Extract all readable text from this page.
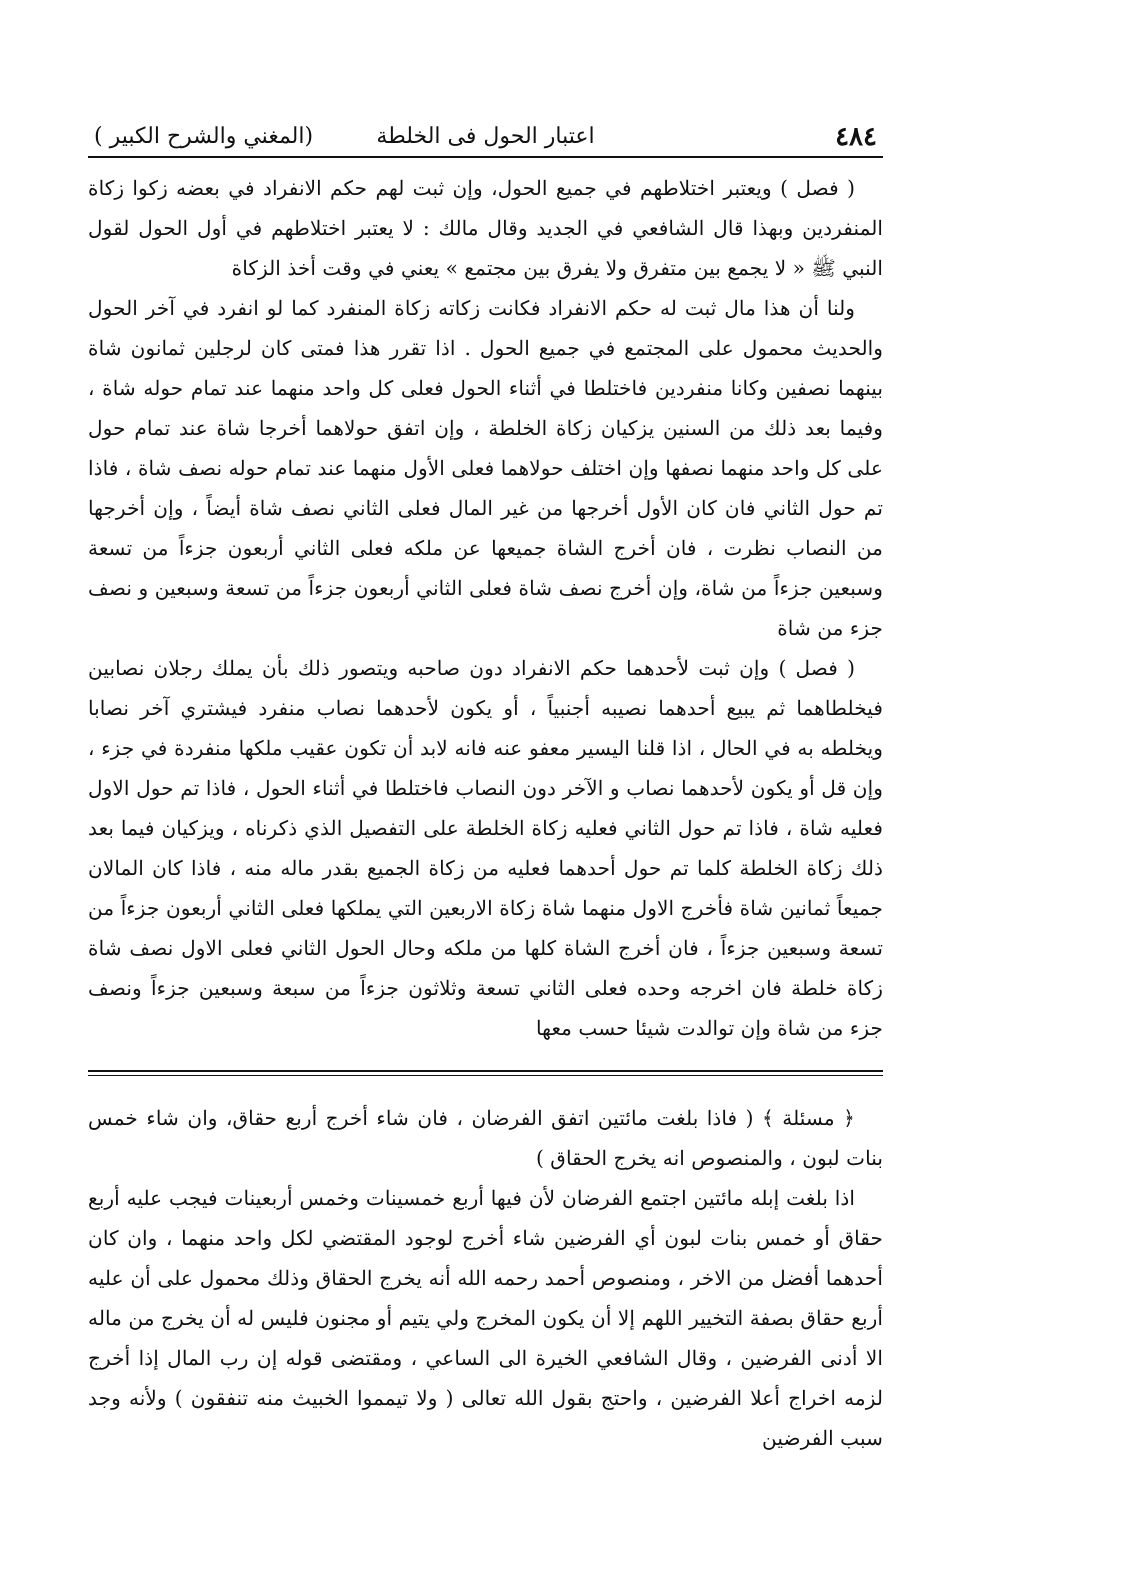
٤٨٤
اعتبار الحول فى الخلطة
(المغني والشرح الكبير )

( فصل ) ويعتبر اختلاطهم في جميع الحول، وإن ثبت لهم حكم الانفراد في بعضه زكوا زكاة المنفردين وبهذا قال الشافعي في الجديد وقال مالك : لا يعتبر اختلاطهم في أول الحول لقول النبي ﷺ « لا يجمع بين متفرق ولا يفرق بين مجتمع » يعني في وقت أخذ الزكاة

ولنا أن هذا مال ثبت له حكم الانفراد فكانت زكاته زكاة المنفرد كما لو انفرد في آخر الحول والحديث محمول على المجتمع في جميع الحول . اذا تقرر هذا فمتى كان لرجلين ثمانون شاة بينهما نصفين وكانا منفردين فاختلطا في أثناء الحول فعلى كل واحد منهما عند تمام حوله شاة ، وفيما بعد ذلك من السنين يزكيان زكاة الخلطة ، وإن اتفق حولاهما أخرجا شاة عند تمام حول على كل واحد منهما نصفها وإن اختلف حولاهما فعلى الأول منهما عند تمام حوله نصف شاة ، فاذا تم حول الثاني فان كان الأول أخرجها من غير المال فعلى الثاني نصف شاة أيضاً ، وإن أخرجها من النصاب نظرت ، فان أخرج الشاة جميعها عن ملكه فعلى الثاني أربعون جزءاً من تسعة وسبعين جزءاً من شاة، وإن أخرج نصف شاة فعلى الثاني أربعون جزءاً من تسعة وسبعين و نصف جزء من شاة

( فصل ) وإن ثبت لأحدهما حكم الانفراد دون صاحبه ويتصور ذلك بأن يملك رجلان نصابين فيخلطاهما ثم يبيع أحدهما نصيبه أجنبياً ، أو يكون لأحدهما نصاب منفرد فيشتري آخر نصابا ويخلطه به في الحال ، اذا قلنا اليسير معفو عنه فانه لابد أن تكون عقيب ملكها منفردة في جزء ، وإن قل أو يكون لأحدهما نصاب و الآخر دون النصاب فاختلطا في أثناء الحول ، فاذا تم حول الاول فعليه شاة ، فاذا تم حول الثاني فعليه زكاة الخلطة على التفصيل الذي ذكرناه ، ويزكيان فيما بعد ذلك زكاة الخلطة كلما تم حول أحدهما فعليه من زكاة الجميع بقدر ماله منه ، فاذا كان المالان جميعاً ثمانين شاة فأخرج الاول منهما شاة زكاة الاربعين التي يملكها فعلى الثاني أربعون جزءاً من تسعة وسبعين جزءاً ، فان أخرج الشاة كلها من ملكه وحال الحول الثاني فعلى الاول نصف شاة زكاة خلطة فان اخرجه وحده فعلى الثاني تسعة وثلاثون جزءاً من سبعة وسبعين جزءاً ونصف جزء من شاة وإن توالدت شيئا حسب معها

﴿ مسئلة ﴾ ( فاذا بلغت مائتين اتفق الفرضان ، فان شاء أخرج أربع حقاق، وان شاء خمس بنات لبون ، والمنصوص انه يخرج الحقاق )

اذا بلغت إبله مائتين اجتمع الفرضان لأن فيها أربع خمسينات وخمس أربعينات فيجب عليه أربع حقاق أو خمس بنات لبون أي الفرضين شاء أخرج لوجود المقتضي لكل واحد منهما ، وان كان أحدهما أفضل من الاخر ، ومنصوص أحمد رحمه الله أنه يخرج الحقاق وذلك محمول على أن عليه أربع حقاق بصفة التخيير اللهم إلا أن يكون المخرج ولي يتيم أو مجنون فليس له أن يخرج من ماله الا أدنى الفرضين ، وقال الشافعي الخيرة الى الساعي ، ومقتضى قوله إن رب المال إذا أخرج لزمه اخراج أعلا الفرضين ، واحتج بقول الله تعالى ( ولا تيمموا الخبيث منه تنفقون ) ولأنه وجد سبب الفرضين
